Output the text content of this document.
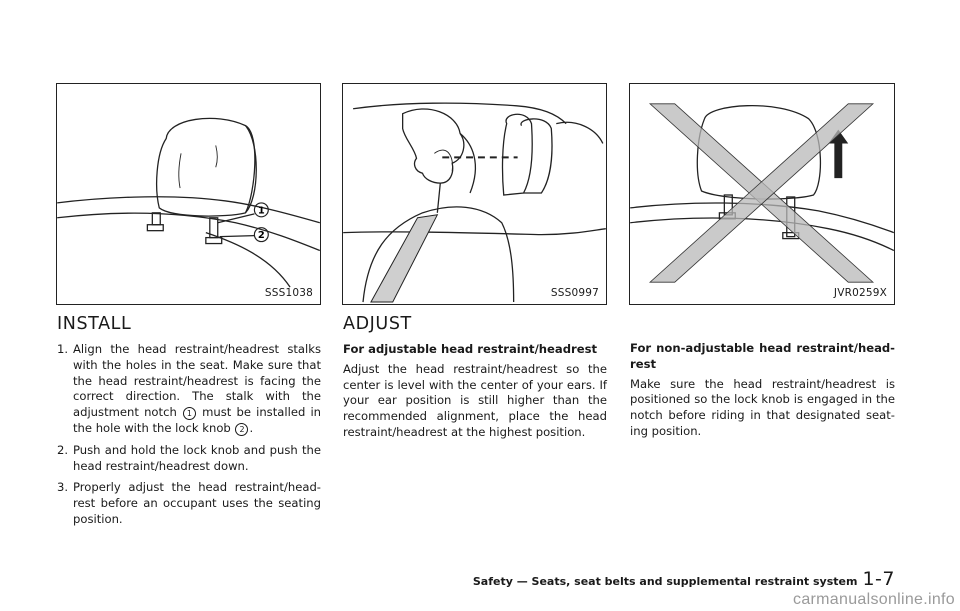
1
2
SSS1038	SSS0997	JVR0259X
INSTALL
1. Align the head restraint/headrest stalks with the holes in the seat. Make sure that the head restraint/headrest is facing the correct direction. The stalk with the adjustment notch 1 must be installed in the hole with the lock knob 2 .
2. Push and hold the lock knob and push the head restraint/headrest down.
3. Properly adjust the head restraint/head- rest before an occupant uses the seating position.
ADJUST

For adjustable head restraint/headrest

Adjust the head restraint/headrest so the center is level with the center of your ears. If your ear position is still higher than the recommended alignment, place the head restraint/headrest at the highest position.

For non-adjustable head restraint/head- rest

Make sure the head restraint/headrest is positioned so the lock knob is engaged in the notch before riding in that designated seat- ing position.

Safety — Seats, seat belts and supplemental restraint system 1-7
carmanualsonline.info
